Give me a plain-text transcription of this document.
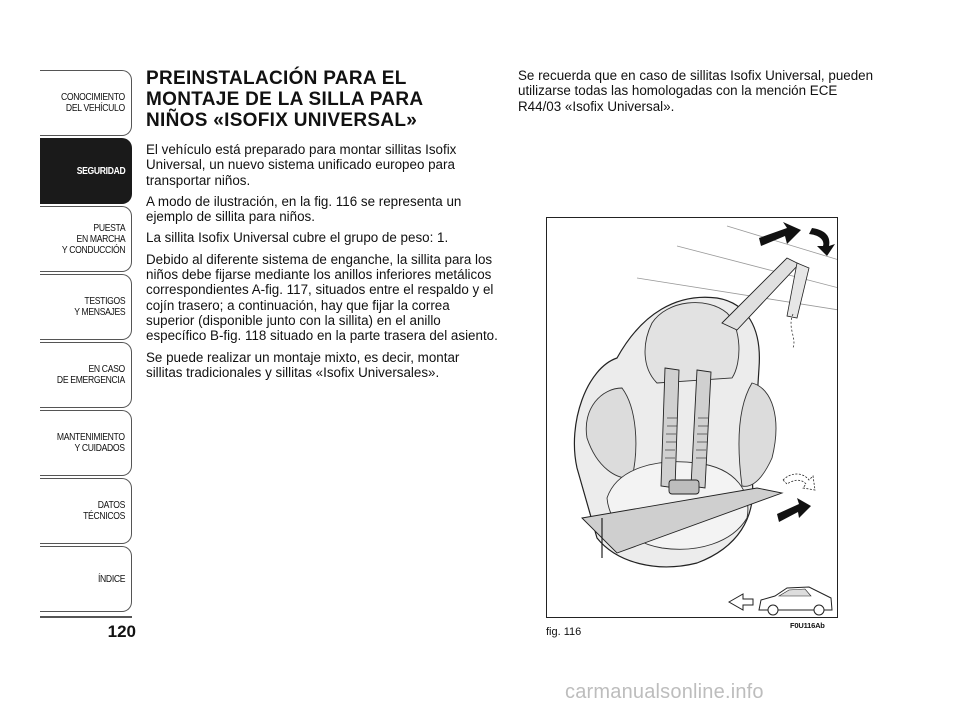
CONOCIMIENTO
DEL VEHÍCULO
SEGURIDAD
PUESTA
EN MARCHA
Y CONDUCCIÓN
TESTIGOS
Y MENSAJES
EN CASO
DE EMERGENCIA
MANTENIMIENTO
Y CUIDADOS
DATOS TÉCNICOS
ÍNDICE
120
PREINSTALACIÓN PARA EL
MONTAJE DE LA SILLA PARA
NIÑOS «ISOFIX UNIVERSAL»

El vehículo está preparado para montar sillitas Isofix Universal, un nuevo sistema unificado europeo para transportar niños.

A modo de ilustración, en la fig. 116 se representa un ejemplo de sillita para niños.

La sillita Isofix Universal cubre el grupo de peso: 1.

Debido al diferente sistema de enganche, la sillita para los niños debe fijarse mediante los anillos inferiores metálicos correspondientes A-fig. 117, situados entre el respaldo y el cojín trasero; a continuación, hay que fijar la correa superior (disponible junto con la sillita) en el anillo específico B-fig. 118 situado en la parte trasera del asiento.

Se puede realizar un montaje mixto, es decir, montar sillitas tradicionales y sillitas «Isofix Universales».

Se recuerda que en caso de sillitas Isofix Universal, pueden utilizarse todas las homologadas con la mención ECE R44/03 «Isofix Universal».

fig. 116
F0U116Ab
carmanualsonline.info
